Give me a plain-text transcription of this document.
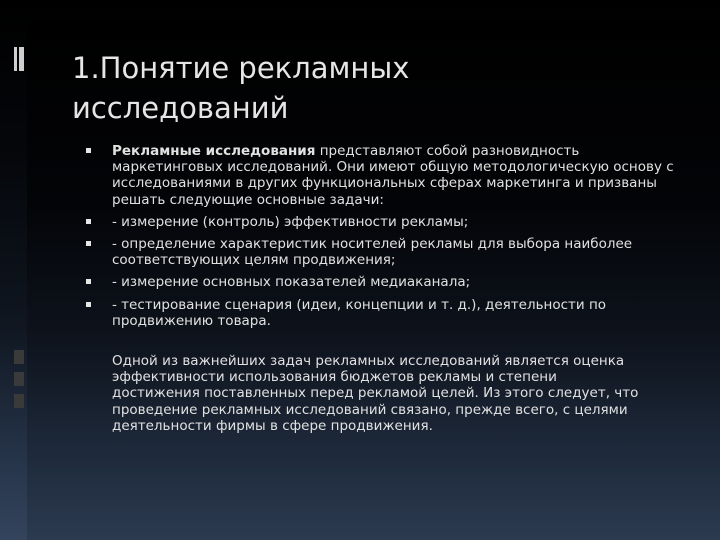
1.Понятие рекламных
исследований
Рекламные исследования представляют собой разновидность маркетинговых исследований. Они имеют общую методологическую основу с исследованиями в других функциональных сферах маркетинга и призваны решать следующие основные задачи:
- измерение (контроль) эффективности рекламы;
- определение характеристик носителей рекламы для выбора наиболее соответствующих целям продвижения;
- измерение основных показателей медиаканала;
- тестирование сценария (идеи, концепции и т. д.), деятельности по продвижению товара.
Одной из важнейших задач рекламных исследований является оценка эффективности использования бюджетов рекламы и степени достижения поставленных перед рекламой целей. Из этого следует, что проведение рекламных исследований связано, прежде всего, с целями деятельности фирмы в сфере продвижения.
